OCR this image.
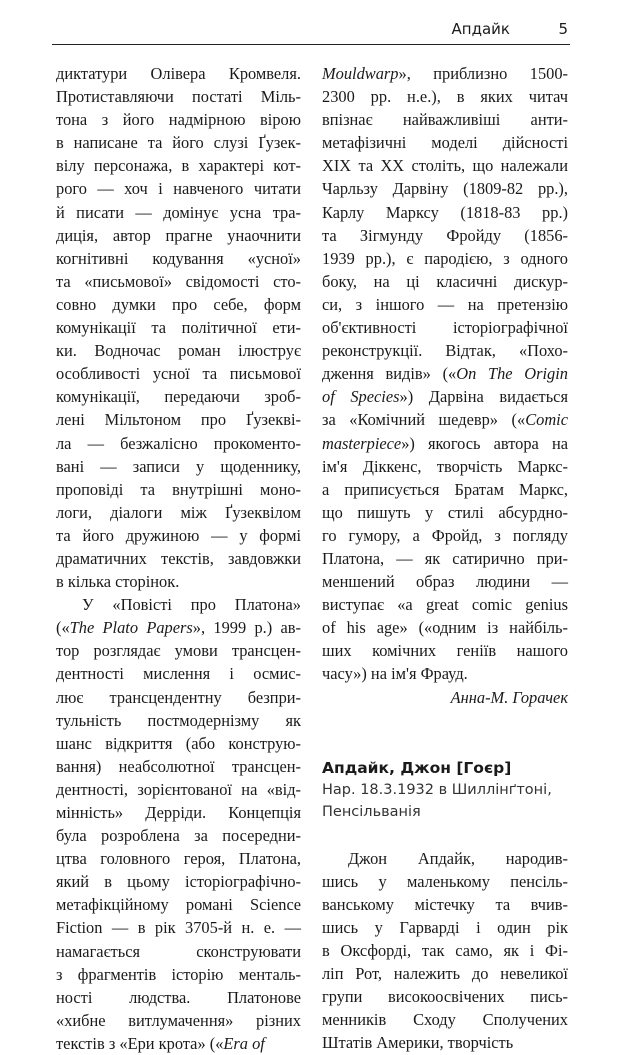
Апдайк	5
диктатури Олівера Кромвеля.
Протиставляючи постаті Міль-
тона з його надмірною вірою
в написане та його слузі Ґузек-
вілу персонажа, в характері кот-
рого — хоч і навченого читати
й писати — домінує усна тра-
диція, автор прагне унаочнити
когнітивні кодування «усної»
та «письмової» свідомості сто-
совно думки про себе, форм
комунікації та політичної ети-
ки. Водночас роман ілюструє
особливості усної та письмової
комунікації, передаючи зроб-
лені Мільтоном про Ґузекві-
ла — безжалісно прокоменто-
вані — записи у щоденнику,
проповіді та внутрішні моно-
логи, діалоги між Ґузеквілом
та його дружиною — у формі
драматичних текстів, завдовжки
в кілька сторінок.
У «Повісті про Платона»
(«The Plato Papers», 1999 р.) ав-
тор розглядає умови трансцен-
дентності мислення і осмис-
лює трансцендентну безпри-
тульність постмодернізму як
шанс відкриття (або конструю-
вання) неабсолютної трансцен-
дентності, зорієнтованої на «від-
мінність» Дерріди. Концепція
була розроблена за посередни-
цтва головного героя, Платона,
який в цьому історіографічно-
метафікційному романі Science
Fiction — в рік 3705-й н. е. —
намагається сконструювати
з фрагментів історію менталь-
ності людства. Платонове
«хибне витлумачення» різних
текстів з «Ери крота» («Era of
Mouldwarp», приблизно 1500-
2300 рр. н.е.), в яких читач
впізнає найважливіші анти-
метафізичні моделі дійсності
XIX та XX століть, що належали
Чарльзу Дарвіну (1809-82 рр.),
Карлу Марксу (1818-83 рр.)
та Зігмунду Фройду (1856-
1939 рр.), є пародією, з одного
боку, на ці класичні дискур-
си, з іншого — на претензію
об'єктивності історіографічної
реконструкції. Відтак, «Похо-
дження видів» («On The Origin
of Species») Дарвіна видається
за «Комічний шедевр» («Comic
masterpiece») якогось автора на
ім'я Діккенс, творчість Маркс-
а приписується Братам Маркс,
що пишуть у стилі абсурдно-
го гумору, а Фройд, з погляду
Платона, — як сатирично при-
меншений образ людини —
виступає «a great comic genius
of his age» («одним із найбіль-
ших комічних геніїв нашого
часу») на ім'я Фрауд.
Анна-М. Горачек
Апдайк, Джон [Гоєр]
Нар. 18.3.1932 в Шиллінґтоні,
Пенсільванія
Джон Апдайк, народив-
шись у маленькому пенсіль-
ванському містечку та вчив-
шись у Гарварді і один рік
в Оксфорді, так само, як і Фі-
ліп Рот, належить до невеликої
групи високоосвічених пись-
менників Сходу Сполучених
Штатів Америки, творчість
